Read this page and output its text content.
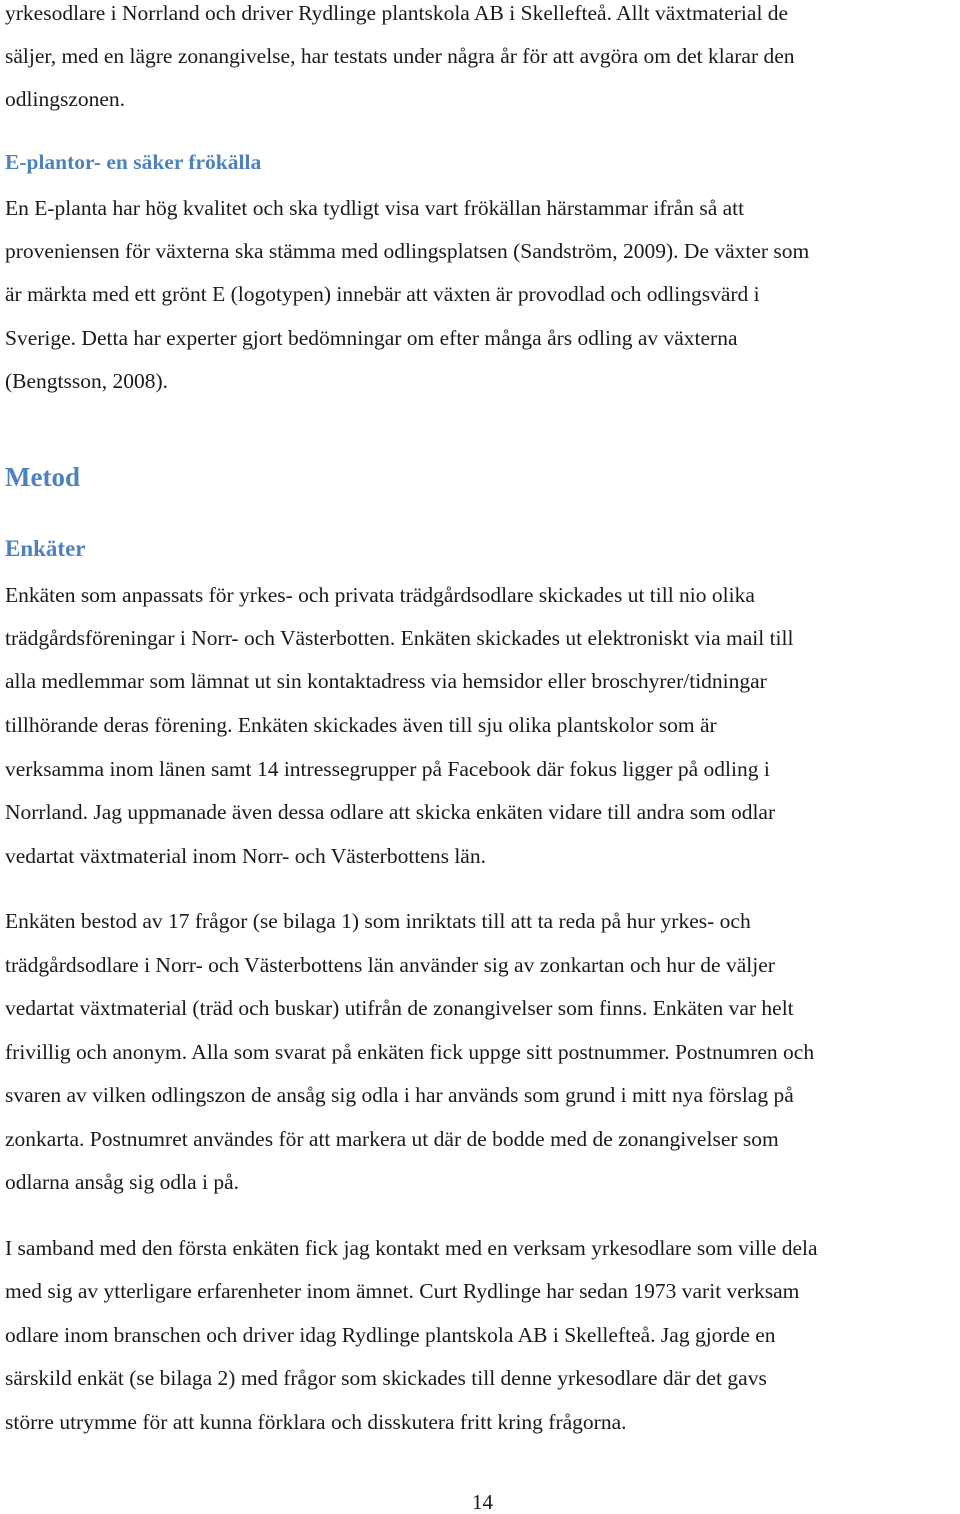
yrkesodlare i Norrland och driver Rydlinge plantskola AB i Skellefteå. Allt växtmaterial de

säljer, med en lägre zonangivelse, har testats under några år för att avgöra om det klarar den

odlingszonen.

E-plantor- en säker frökälla

En E-planta har hög kvalitet och ska tydligt visa vart frökällan härstammar ifrån så att

proveniensen för växterna ska stämma med odlingsplatsen (Sandström, 2009). De växter som

är märkta med ett grönt E (logotypen) innebär att växten är provodlad och odlingsvärd i

Sverige. Detta har experter gjort bedömningar om efter många års odling av växterna

(Bengtsson, 2008).

Metod
Enkäter

Enkäten som anpassats för yrkes- och privata trädgårdsodlare skickades ut till nio olika

trädgårdsföreningar i Norr- och Västerbotten. Enkäten skickades ut elektroniskt via mail till

alla medlemmar som lämnat ut sin kontaktadress via hemsidor eller broschyrer/tidningar

tillhörande deras förening. Enkäten skickades även till sju olika plantskolor som är

verksamma inom länen samt 14 intressegrupper på Facebook där fokus ligger på odling i

Norrland. Jag uppmanade även dessa odlare att skicka enkäten vidare till andra som odlar

vedartat växtmaterial inom Norr- och Västerbottens län.

Enkäten bestod av 17 frågor (se bilaga 1) som inriktats till att ta reda på hur yrkes- och

trädgårdsodlare i Norr- och Västerbottens län använder sig av zonkartan och hur de väljer

vedartat växtmaterial (träd och buskar) utifrån de zonangivelser som finns. Enkäten var helt

frivillig och anonym. Alla som svarat på enkäten fick uppge sitt postnummer. Postnumren och

svaren av vilken odlingszon de ansåg sig odla i har används som grund i mitt nya förslag på

zonkarta. Postnumret användes för att markera ut där de bodde med de zonangivelser som

odlarna ansåg sig odla i på.

I samband med den första enkäten fick jag kontakt med en verksam yrkesodlare som ville dela

med sig av ytterligare erfarenheter inom ämnet. Curt Rydlinge har sedan 1973 varit verksam

odlare inom branschen och driver idag Rydlinge plantskola AB i Skellefteå. Jag gjorde en

särskild enkät (se bilaga 2) med frågor som skickades till denne yrkesodlare där det gavs

större utrymme för att kunna förklara och disskutera fritt kring frågorna.

14
